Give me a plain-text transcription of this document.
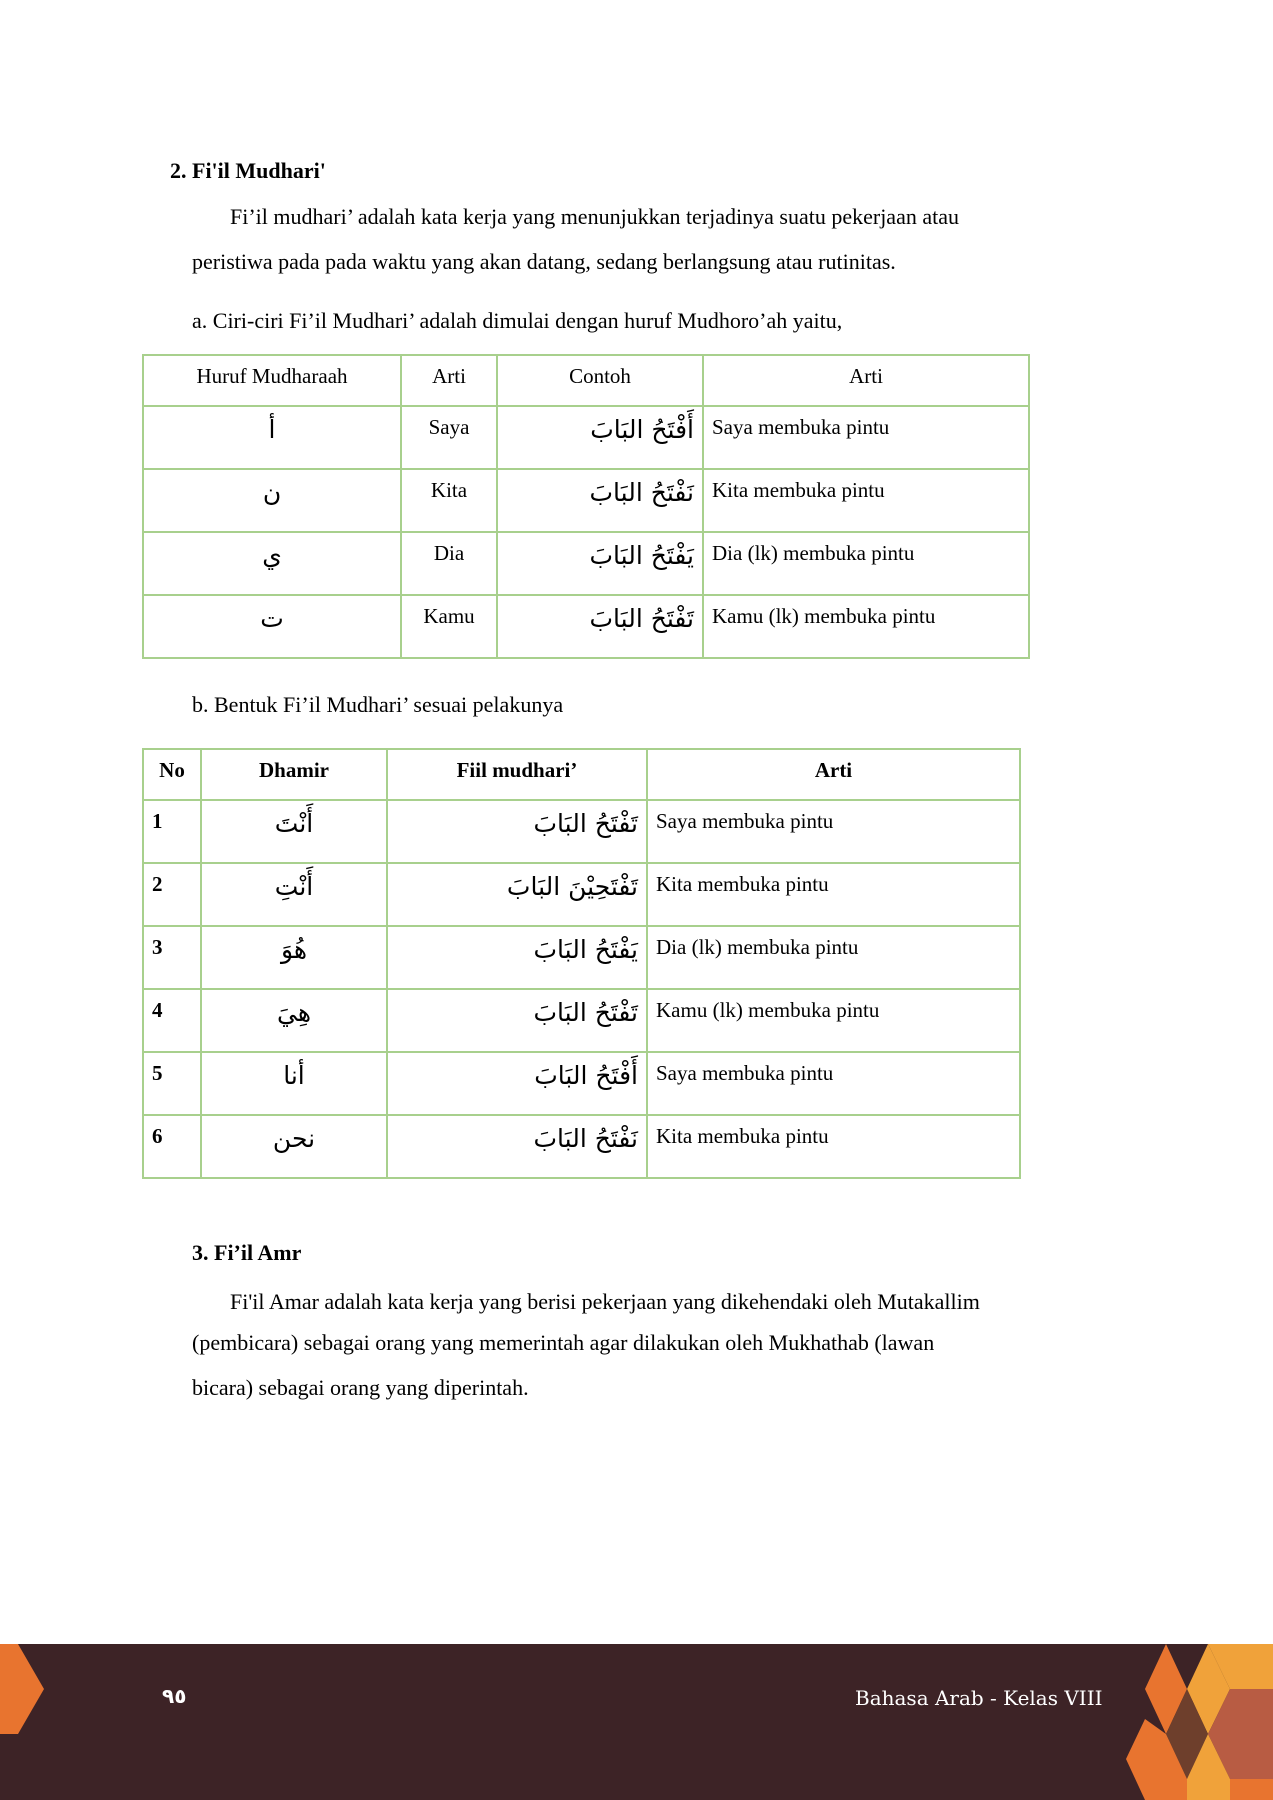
2. Fi'il Mudhari'
Fi’il mudhari’ adalah kata kerja yang menunjukkan terjadinya suatu pekerjaan atau
peristiwa pada pada waktu yang akan datang, sedang berlangsung atau rutinitas.
a. Ciri-ciri Fi’il Mudhari’ adalah dimulai dengan huruf Mudhoro’ah yaitu,
Huruf Mudharaah	Arti	Contoh	Arti
أ	Saya	أَفْتَحُ البَابَ	Saya membuka pintu
ن	Kita	نَفْتَحُ البَابَ	Kita membuka pintu
ي	Dia	يَفْتَحُ البَابَ	Dia (lk) membuka pintu
ت	Kamu	تَفْتَحُ البَابَ	Kamu (lk) membuka pintu
b. Bentuk Fi’il Mudhari’ sesuai pelakunya
No	Dhamir	Fiil mudhari’	Arti
1	أَنْتَ	تَفْتَحُ البَابَ	Saya membuka pintu
2	أَنْتِ	تَفْتَحِيْنَ البَابَ	Kita membuka pintu
3	هُوَ	يَفْتَحُ البَابَ	Dia (lk) membuka pintu
4	هِيَ	تَفْتَحُ البَابَ	Kamu (lk) membuka pintu
5	أنا	أَفْتَحُ البَابَ	Saya membuka pintu
6	نحن	نَفْتَحُ البَابَ	Kita membuka pintu
3. Fi’il Amr
Fi'il Amar adalah kata kerja yang berisi pekerjaan yang dikehendaki oleh Mutakallim
(pembicara) sebagai orang yang memerintah agar dilakukan oleh Mukhathab (lawan
bicara) sebagai orang yang diperintah.
٩٥	Bahasa Arab - Kelas VIII
